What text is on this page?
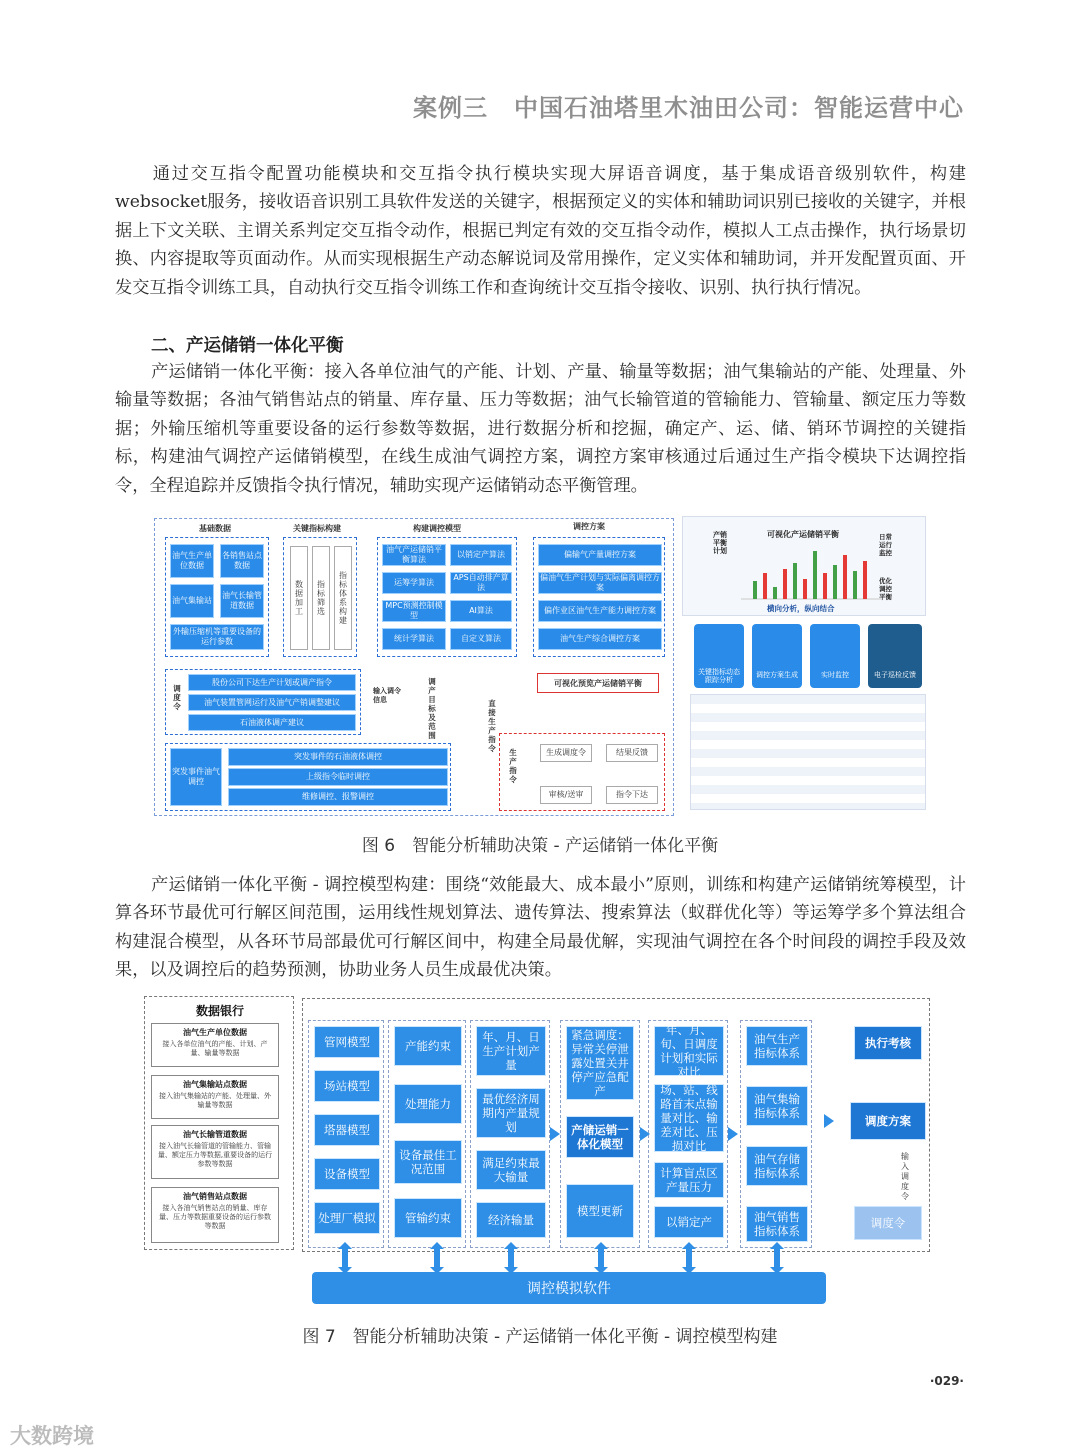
案例三 中国石油塔里木油田公司：智能运营中心
通过交互指令配置功能模块和交互指令执行模块实现大屏语音调度，基于集成语音级别软件，构建websocket服务，接收语音识别工具软件发送的关键字，根据预定义的实体和辅助词识别已接收的关键字，并根据上下文关联、主谓关系判定交互指令动作，根据已判定有效的交互指令动作，模拟人工点击操作，执行场景切换、内容提取等页面动作。从而实现根据生产动态解说词及常用操作，定义实体和辅助词，并开发配置页面、开发交互指令训练工具，自动执行交互指令训练工作和查询统计交互指令接收、识别、执行执行情况。
二、产运储销一体化平衡
产运储销一体化平衡：接入各单位油气的产能、计划、产量、输量等数据；油气集输站的产能、处理量、外输量等数据；各油气销售站点的销量、库存量、压力等数据；油气长输管道的管输能力、管输量、额定压力等数据；外输压缩机等重要设备的运行参数等数据，进行数据分析和挖掘，确定产、运、储、销环节调控的关键指标，构建油气调控产运储销模型，在线生成油气调控方案，调控方案审核通过后通过生产指令模块下达调控指令，全程追踪并反馈指令执行情况，辅助实现产运储销动态平衡管理。
基础数据	关键指标构建	构建调控模型	调控方案
油气生产单位数据
各销售站点数据
油气集输站
油气长输管道数据
外输压缩机等重要设备的运行参数
数据加工
指标筛选
指标体系构建
油气产运储销平衡算法
以销定产算法
运筹学算法
APS自动排产算法
MPC预测控制模型
AI算法
统计学算法	自定义算法
偏输气产量调控方案
偏油气生产计划与实际偏离调控方案
偏作业区油气生产能力调控方案
油气生产综合调控方案
可视化预览产运储销平衡
调度令
股份公司下达生产计划或调产指令
油气装置管网运行及油气产销调整建议
石油液体调产建议
输入调令信息
调产目标及范围
直接生产指令
突发事件油气调控
突发事件的石油液体调控
上级指令临时调控
维修调控、报警调控
生产指令
生成调度令	结果反馈
审核/送审	指令下达
可视化产运储销平衡
产销平衡计划
日常运行监控
优化调控平衡
横向分析，纵向结合
关键指标动态跟踪分析
调控方案生成	实时监控	电子巡检反馈
图 6　智能分析辅助决策 - 产运储销一体化平衡
产运储销一体化平衡 - 调控模型构建：围绕“效能最大、成本最小”原则，训练和构建产运储销统筹模型，计算各环节最优可行解区间范围，运用线性规划算法、遗传算法、搜索算法（蚁群优化等）等运筹学多个算法组合构建混合模型，从各环节局部最优可行解区间中，构建全局最优解，实现油气调控在各个时间段的调控手段及效果，以及调控后的趋势预测，协助业务人员生成最优决策。
数据银行
油气生产单位数据
接入各单位油气的产能、计划、产量、输量等数据
油气集输站点数据
接入油气集输站的产能、处理量、外输量等数据
油气长输管道数据
接入油气长输管道的管输能力、管输量、额定压力等数据,重要设备的运行参数等数据
油气销售站点数据
接入各油气销售站点的销量、库存量、压力等数据重要设备的运行参数等数据
管网模型
场站模型
塔器模型
设备模型
处理厂模拟
产能约束
处理能力
设备最佳工况范围
管输约束
年、月、日生产计划产量
最优经济周期内产量规划
满足约束最大输量
经济输量
紧急调度：异常关停泄露处置关井停产应急配产
产储运销一体化模型
模型更新
年、月、旬、日调度计划和实际对比
场、站、线路首末点输量对比、输差对比、压损对比
计算盲点区产量压力
以销定产
油气生产指标体系
油气集输指标体系
油气存储指标体系
油气销售指标体系
执行考核
调度方案
调度令
输入调度令
调控模拟软件
图 7　智能分析辅助决策 - 产运储销一体化平衡 - 调控模型构建
·029·
大数跨境
